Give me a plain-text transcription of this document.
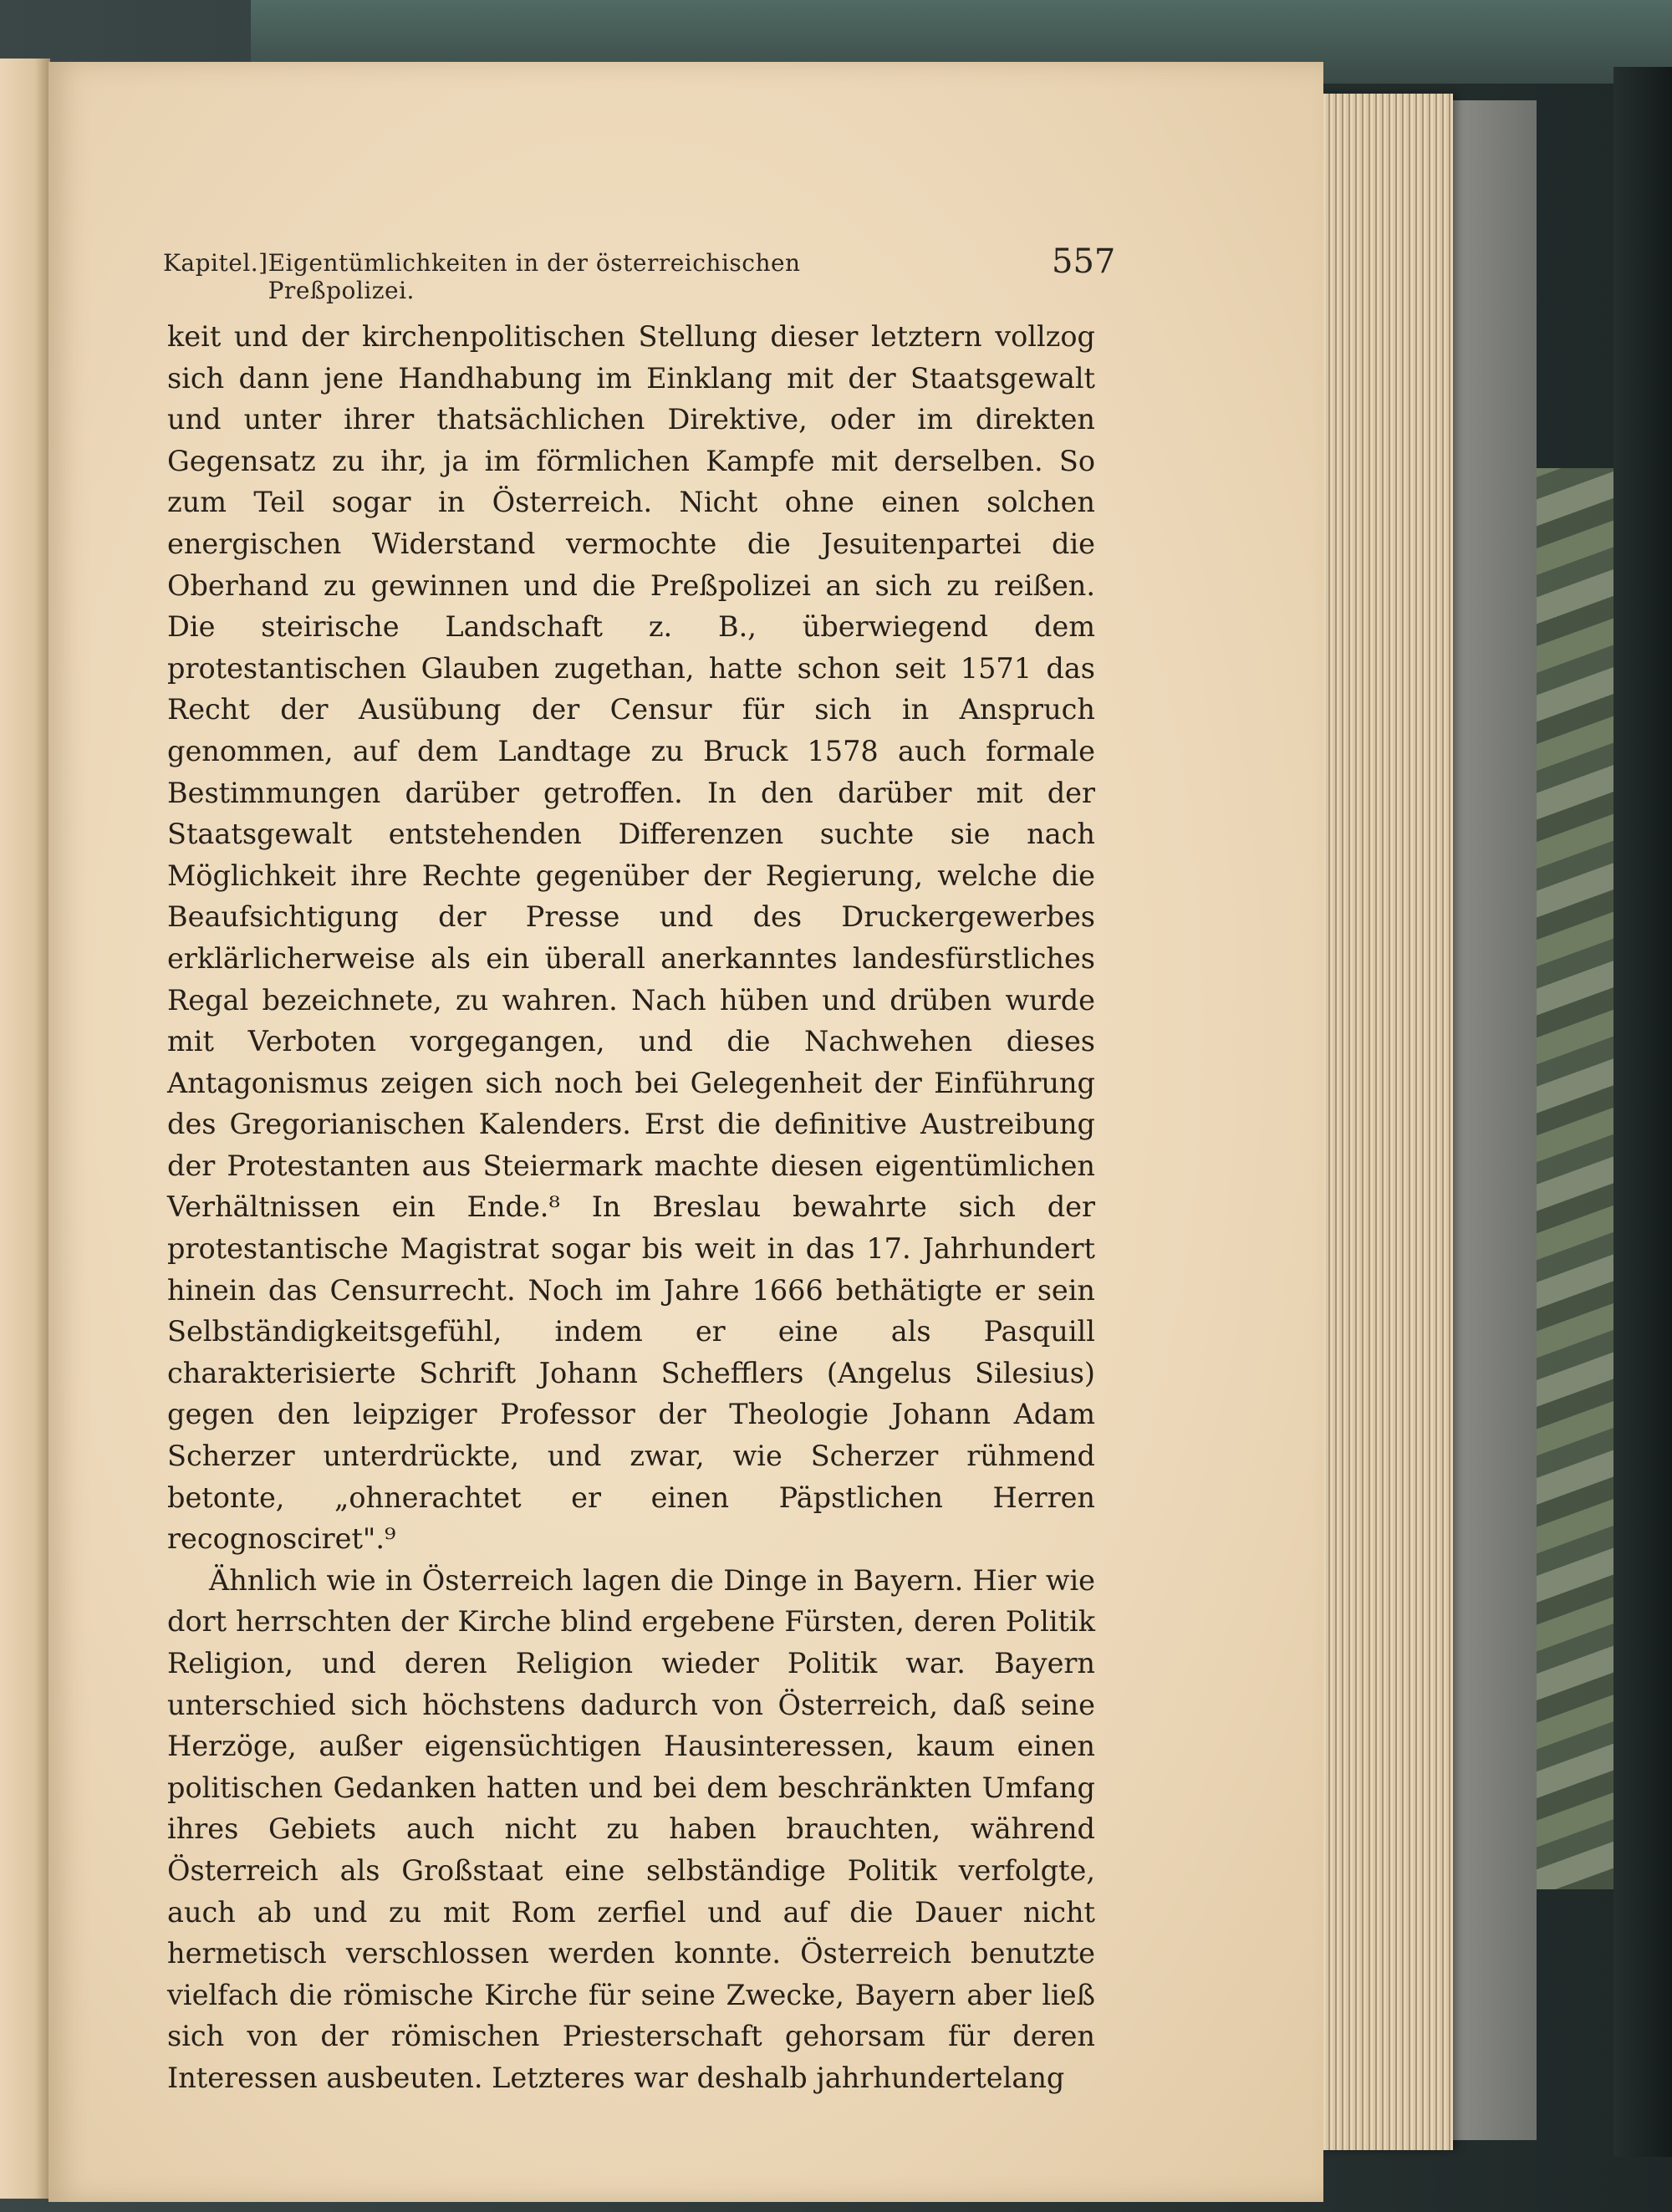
Kapitel.] Eigentümlichkeiten in der österreichischen Preßpolizei.
557

keit und der kirchenpolitischen Stellung dieser letztern vollzog sich dann jene Handhabung im Einklang mit der Staatsgewalt und unter ihrer thatsächlichen Direktive, oder im direkten Gegensatz zu ihr, ja im förmlichen Kampfe mit derselben. So zum Teil sogar in Österreich. Nicht ohne einen solchen energischen Widerstand vermochte die Jesuitenpartei die Oberhand zu gewinnen und die Preßpolizei an sich zu reißen. Die steirische Landschaft z. B., überwiegend dem protestantischen Glauben zugethan, hatte schon seit 1571 das Recht der Ausübung der Censur für sich in Anspruch genommen, auf dem Landtage zu Bruck 1578 auch formale Bestimmungen darüber getroffen. In den darüber mit der Staatsgewalt entstehenden Differenzen suchte sie nach Möglichkeit ihre Rechte gegenüber der Regierung, welche die Beaufsichtigung der Presse und des Druckergewerbes erklärlicherweise als ein überall anerkanntes landesfürstliches Regal bezeichnete, zu wahren. Nach hüben und drüben wurde mit Verboten vorgegangen, und die Nachwehen dieses Antagonismus zeigen sich noch bei Gelegenheit der Einführung des Gregorianischen Kalenders. Erst die definitive Austreibung der Protestanten aus Steiermark machte diesen eigentümlichen Verhältnissen ein Ende.⁸ In Breslau bewahrte sich der protestantische Magistrat sogar bis weit in das 17. Jahrhundert hinein das Censurrecht. Noch im Jahre 1666 bethätigte er sein Selbständigkeitsgefühl, indem er eine als Pasquill charakterisierte Schrift Johann Schefflers (Angelus Silesius) gegen den leipziger Professor der Theologie Johann Adam Scherzer unterdrückte, und zwar, wie Scherzer rühmend betonte, „ohnerachtet er einen Päpstlichen Herren recognosciret".⁹

Ähnlich wie in Österreich lagen die Dinge in Bayern. Hier wie dort herrschten der Kirche blind ergebene Fürsten, deren Politik Religion, und deren Religion wieder Politik war. Bayern unterschied sich höchstens dadurch von Österreich, daß seine Herzöge, außer eigensüchtigen Hausinteressen, kaum einen politischen Gedanken hatten und bei dem beschränkten Umfang ihres Gebiets auch nicht zu haben brauchten, während Österreich als Großstaat eine selbständige Politik verfolgte, auch ab und zu mit Rom zerfiel und auf die Dauer nicht hermetisch verschlossen werden konnte. Österreich benutzte vielfach die römische Kirche für seine Zwecke, Bayern aber ließ sich von der römischen Priesterschaft gehorsam für deren Interessen ausbeuten. Letzteres war deshalb jahrhundertelang
